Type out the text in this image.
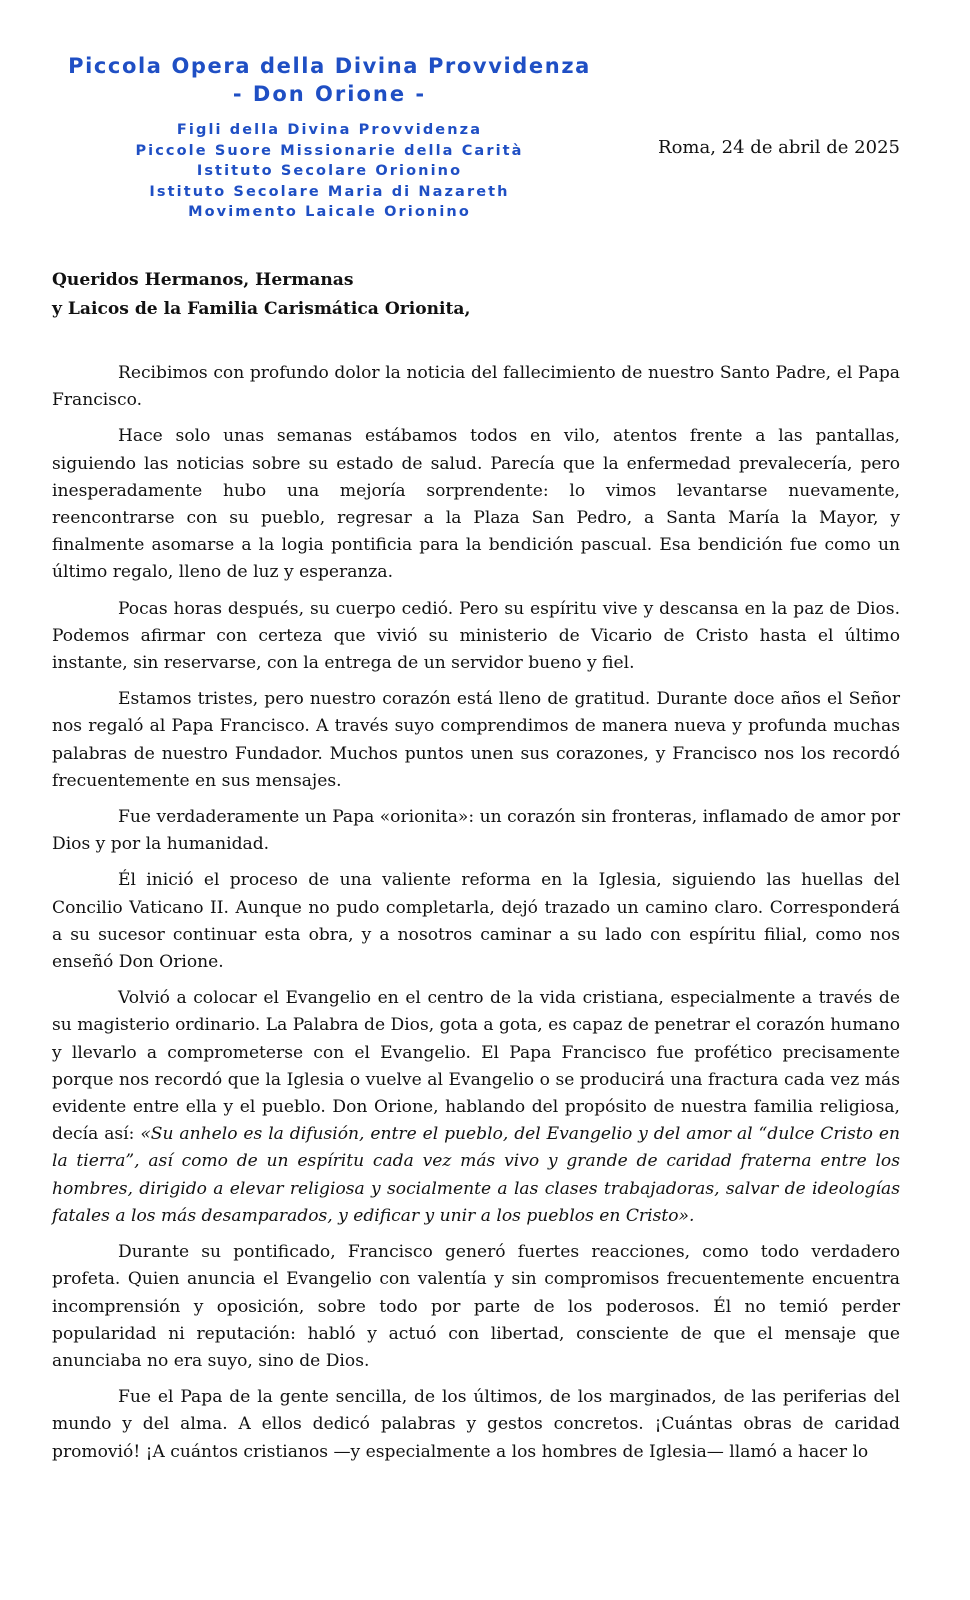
Piccola Opera della Divina Provvidenza
- Don Orione -
Figli della Divina Provvidenza
Piccole Suore Missionarie della Carità
Istituto Secolare Orionino
Istituto Secolare Maria di Nazareth
Movimento Laicale Orionino
Roma, 24 de abril de 2025
Queridos Hermanos, Hermanas
y Laicos de la Familia Carismática Orionita,

Recibimos con profundo dolor la noticia del fallecimiento de nuestro Santo Padre, el Papa Francisco.

Hace solo unas semanas estábamos todos en vilo, atentos frente a las pantallas, siguiendo las noticias sobre su estado de salud. Parecía que la enfermedad prevalecería, pero inesperadamente hubo una mejoría sorprendente: lo vimos levantarse nuevamente, reencontrarse con su pueblo, regresar a la Plaza San Pedro, a Santa María la Mayor, y finalmente asomarse a la logia pontificia para la bendición pascual. Esa bendición fue como un último regalo, lleno de luz y esperanza.

Pocas horas después, su cuerpo cedió. Pero su espíritu vive y descansa en la paz de Dios. Podemos afirmar con certeza que vivió su ministerio de Vicario de Cristo hasta el último instante, sin reservarse, con la entrega de un servidor bueno y fiel.

Estamos tristes, pero nuestro corazón está lleno de gratitud. Durante doce años el Señor nos regaló al Papa Francisco. A través suyo comprendimos de manera nueva y profunda muchas palabras de nuestro Fundador. Muchos puntos unen sus corazones, y Francisco nos los recordó frecuentemente en sus mensajes.

Fue verdaderamente un Papa «orionita»: un corazón sin fronteras, inflamado de amor por Dios y por la humanidad.

Él inició el proceso de una valiente reforma en la Iglesia, siguiendo las huellas del Concilio Vaticano II. Aunque no pudo completarla, dejó trazado un camino claro. Corresponderá a su sucesor continuar esta obra, y a nosotros caminar a su lado con espíritu filial, como nos enseñó Don Orione.

Volvió a colocar el Evangelio en el centro de la vida cristiana, especialmente a través de su magisterio ordinario. La Palabra de Dios, gota a gota, es capaz de penetrar el corazón humano y llevarlo a comprometerse con el Evangelio. El Papa Francisco fue profético precisamente porque nos recordó que la Iglesia o vuelve al Evangelio o se producirá una fractura cada vez más evidente entre ella y el pueblo. Don Orione, hablando del propósito de nuestra familia religiosa, decía así: «Su anhelo es la difusión, entre el pueblo, del Evangelio y del amor al “dulce Cristo en la tierra”, así como de un espíritu cada vez más vivo y grande de caridad fraterna entre los hombres, dirigido a elevar religiosa y socialmente a las clases trabajadoras, salvar de ideologías fatales a los más desamparados, y edificar y unir a los pueblos en Cristo».

Durante su pontificado, Francisco generó fuertes reacciones, como todo verdadero profeta. Quien anuncia el Evangelio con valentía y sin compromisos frecuentemente encuentra incomprensión y oposición, sobre todo por parte de los poderosos. Él no temió perder popularidad ni reputación: habló y actuó con libertad, consciente de que el mensaje que anunciaba no era suyo, sino de Dios.

Fue el Papa de la gente sencilla, de los últimos, de los marginados, de las periferias del mundo y del alma. A ellos dedicó palabras y gestos concretos. ¡Cuántas obras de caridad promovió! ¡A cuántos cristianos —y especialmente a los hombres de Iglesia— llamó a hacer lo
